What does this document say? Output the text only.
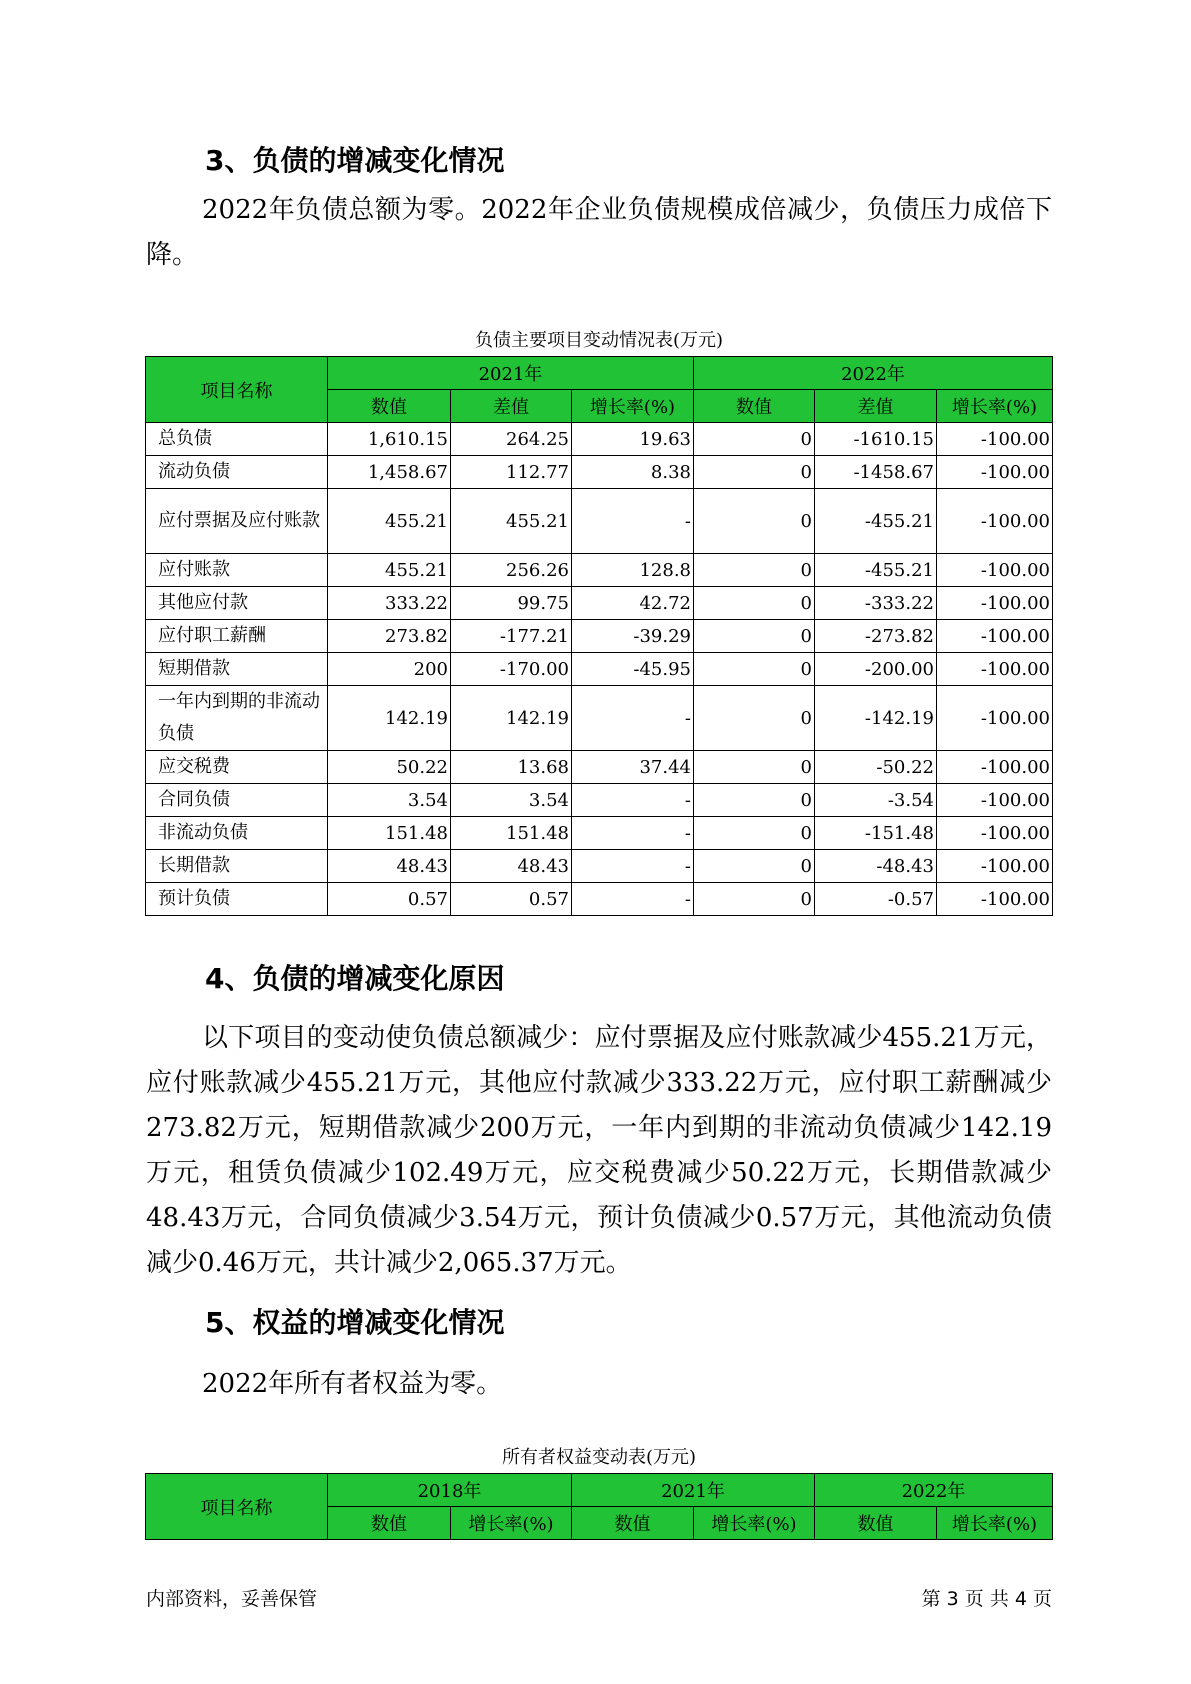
3、负债的增减变化情况

2022年负债总额为零。2022年企业负债规模成倍减少，负债压力成倍下降。

负债主要项目变动情况表(万元)
项目名称	2021年			2022年		
	数值	差值	增长率(%)	数值	差值	增长率(%)
总负债	1,610.15	264.25	19.63	0	-1610.15	-100.00
流动负债	1,458.67	112.77	8.38	0	-1458.67	-100.00
应付票据及应付账款	455.21	455.21	-	0	-455.21	-100.00
应付账款	455.21	256.26	128.8	0	-455.21	-100.00
其他应付款	333.22	99.75	42.72	0	-333.22	-100.00
应付职工薪酬	273.82	-177.21	-39.29	0	-273.82	-100.00
短期借款	200	-170.00	-45.95	0	-200.00	-100.00
一年内到期的非流动负债	142.19	142.19	-	0	-142.19	-100.00
应交税费	50.22	13.68	37.44	0	-50.22	-100.00
合同负债	3.54	3.54	-	0	-3.54	-100.00
非流动负债	151.48	151.48	-	0	-151.48	-100.00
长期借款	48.43	48.43	-	0	-48.43	-100.00
预计负债	0.57	0.57	-	0	-0.57	-100.00
4、负债的增减变化原因

以下项目的变动使负债总额减少：应付票据及应付账款减少455.21万元，应付账款减少455.21万元，其他应付款减少333.22万元，应付职工薪酬减少273.82万元，短期借款减少200万元，一年内到期的非流动负债减少142.19万元，租赁负债减少102.49万元，应交税费减少50.22万元，长期借款减少48.43万元，合同负债减少3.54万元，预计负债减少0.57万元，其他流动负债减少0.46万元，共计减少2,065.37万元。

5、权益的增减变化情况

2022年所有者权益为零。

所有者权益变动表(万元)
项目名称	2018年		2021年		2022年	
	数值	增长率(%)	数值	增长率(%)	数值	增长率(%)
内部资料，妥善保管	第 3 页 共 4 页
